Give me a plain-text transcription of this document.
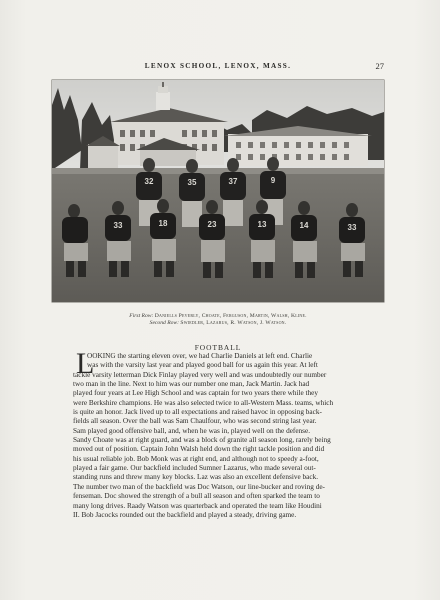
LENOX SCHOOL, LENOX, MASS.	27
32	35	37	9
33	18	23	13	14	33
First Row: Daniells Peverly, Choate, Ferguson, Martin, Walsh, Kline.
Second Row: Swiedler, Lazarus, R. Watson, J. Watson.
FOOTBALL
L
OOKING the starting eleven over, we had Charlie Daniels at left end. Charlie
was with the varsity last year and played good ball for us again this year. At left
tackle varsity letterman Dick Finlay played very well and was undoubtedly our number
two man in the line. Next to him was our number one man, Jack Martin. Jack had
played four years at Lee High School and was captain for two years there while they
were Berkshire champions. He was also selected twice to all-Western Mass. teams, which
is quite an honor. Jack lived up to all expectations and raised havoc in opposing back-
fields all season. Over the ball was Sam Chaulfour, who was second string last year.
Sam played good offensive ball, and, when he was in, played well on the defense.
Sandy Choate was at right guard, and was a block of granite all season long, rarely being
moved out of position. Captain John Walsh held down the right tackle position and did
his usual reliable job. Bob Monk was at right end, and although not to speedy a-foot,
played a fair game. Our backfield included Sumner Lazarus, who made several out-
standing runs and threw many key blocks. Laz was also an excellent defensive back.
The number two man of the backfield was Doc Watson, our line-bucker and roving de-
fenseman. Doc showed the strength of a bull all season and often sparked the team to
many long drives. Raady Watson was quarterback and operated the team like Houdini
II. Bob Jacocks rounded out the backfield and played a steady, driving game.
